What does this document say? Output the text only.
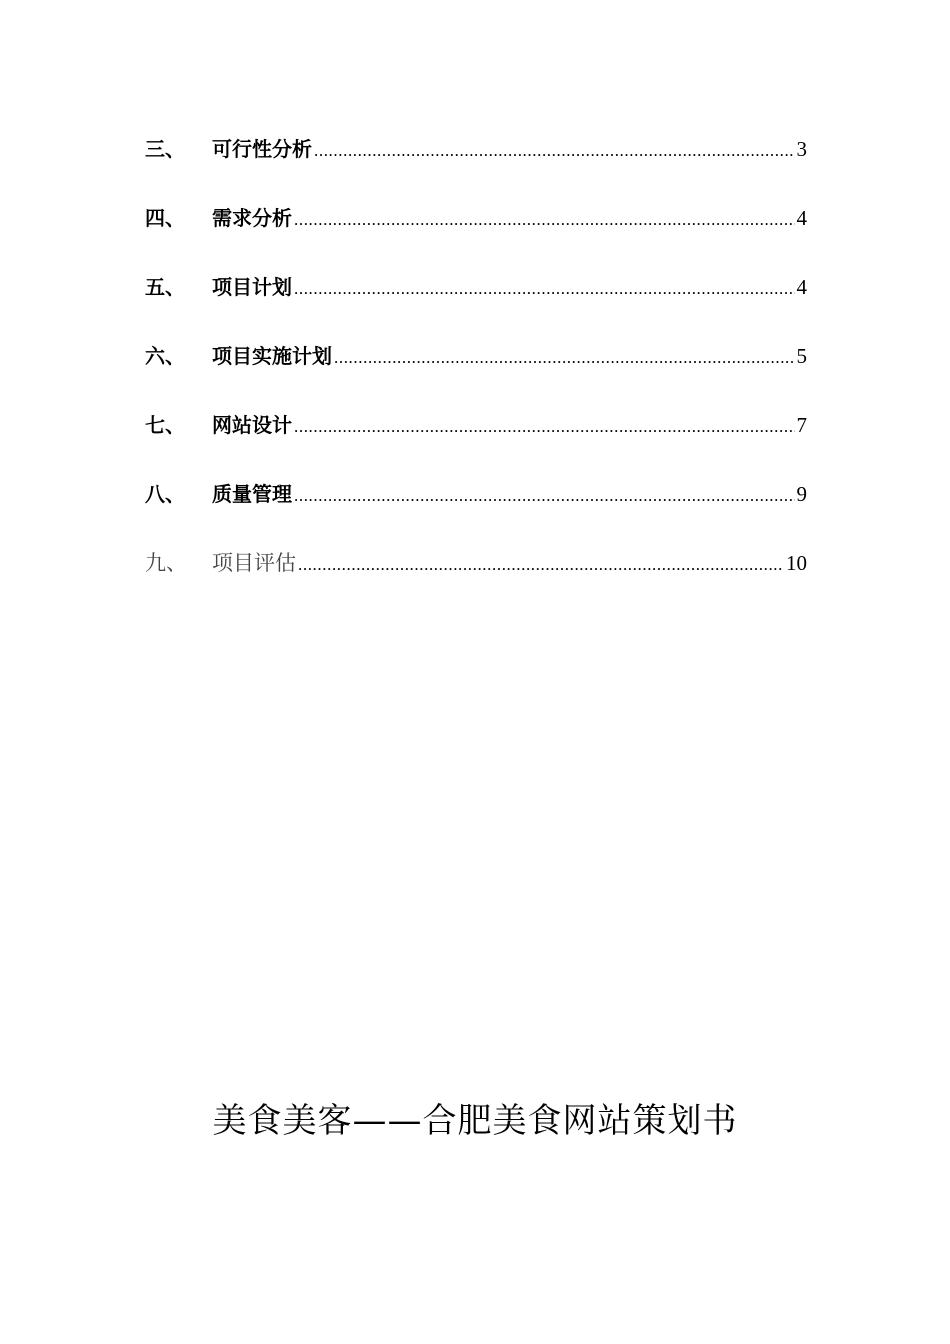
三、	可行性分析 .....	3
四、	需求分析 .....	4
五、	项目计划 .....	4
六、	项目实施计划 .....	5
七、	网站设计 .....	7
八、	质量管理 .....	9
九、	项目评估 .....	10
美食美客——合肥美食网站策划书
